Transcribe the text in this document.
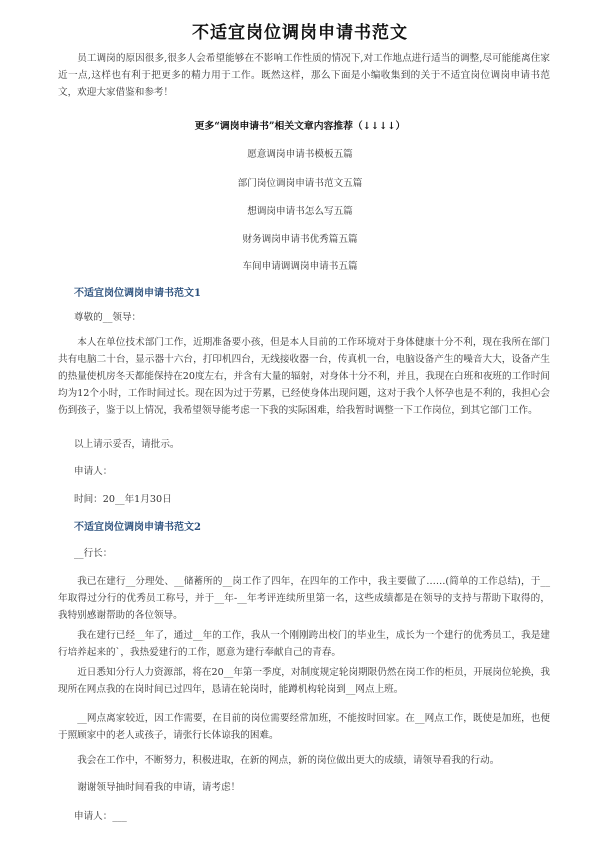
不适宜岗位调岗申请书范文
员工调岗的原因很多,很多人会希望能够在不影响工作性质的情况下,对工作地点进行适当的调整,尽可能能离住家近一点,这样也有利于把更多的精力用于工作。既然这样，那么下面是小编收集到的关于不适宜岗位调岗申请书范文，欢迎大家借鉴和参考！
更多“调岗申请书”相关文章内容推荐（↓↓↓↓）
愿意调岗申请书模板五篇
部门岗位调岗申请书范文五篇
想调岗申请书怎么写五篇
财务调岗申请书优秀篇五篇
车间申请调调岗申请书五篇
不适宜岗位调岗申请书范文1
尊敬的__领导：
本人在单位技术部门工作，近期准备要小孩，但是本人目前的工作环境对于身体健康十分不利，现在我所在部门共有电脑二十台，显示器十六台，打印机四台，无线接收器一台，传真机一台，电脑设备产生的噪音大大，设备产生的热量使机房冬天都能保持在20度左右，并含有大量的辐射，对身体十分不利，并且，我现在白班和夜班的工作时间均为12个小时，工作时间过长。现在因为过于劳累，已经使身体出现问题，这对于我个人怀孕也是不利的，我担心会伤到孩子，鉴于以上情况，我希望领导能考虑一下我的实际困难，给我暂时调整一下工作岗位，到其它部门工作。
以上请示妥否，请批示。
申请人：
时间：20__年1月30日
不适宜岗位调岗申请书范文2
__行长：
我已在建行__分理处、__储蓄所的__岗工作了四年，在四年的工作中，我主要做了……(简单的工作总结)，于__年取得过分行的优秀员工称号，并于__年-__年考评连续所里第一名，这些成绩都是在领导的支持与帮助下取得的，我特别感谢帮助的各位领导。
我在建行已经__年了，通过__年的工作，我从一个刚刚跨出校门的毕业生，成长为一个建行的优秀员工，我是建行培养起来的`，我热爱建行的工作，愿意为建行奉献自己的青春。
近日悉知分行人力资源部，将在20__年第一季度，对制度规定轮岗期限仍然在岗工作的柜员，开展岗位轮换，我现所在网点我的在岗时间已过四年，恳请在轮岗时，能蹲机构轮岗到__网点上班。
__网点离家较近，因工作需要，在目前的岗位需要经常加班，不能按时回家。在__网点工作，既使是加班，也便于照顾家中的老人或孩子，请张行长体谅我的困难。
我会在工作中，不断努力，积极进取，在新的网点，新的岗位做出更大的成绩，请领导看我的行动。
谢谢领导抽时间看我的申请，请考虑！
申请人：___
